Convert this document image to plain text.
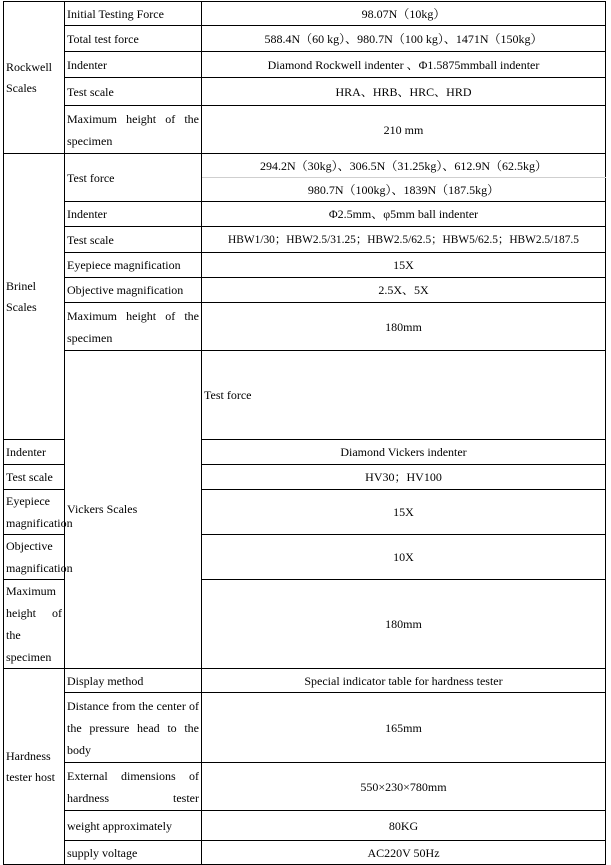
Rockwell Scales	Initial Testing Force	98.07N（10kg）	
	Total test force	588.4N（60 kg）、980.7N（100 kg）、1471N（150kg）	
	Indenter	Diamond Rockwell indenter 、Φ1.5875mmball indenter	
	Test scale	HRA、HRB、HRC、HRD	
	Maximum height of the specimen	210 mm	
Brinel Scales	Test force	294.2N（30kg）、306.5N（31.25kg）、612.9N（62.5kg）	
		980.7N（100kg）、1839N（187.5kg）	
	Indenter	Φ2.5mm、φ5mm ball indenter	
	Test scale	HBW1/30；HBW2.5/31.25；HBW2.5/62.5；HBW5/62.5；HBW2.5/187.5	
	Eyepiece magnification	15X	
	Objective magnification	2.5X、5X	
	Maximum height of the specimen	180mm	
	Vickers Scales	Test force	
Indenter		Diamond Vickers indenter	
Test scale		HV30；HV100	
Eyepiece magnification		15X	
Objective magnification		10X	
Maximum height of the specimen		180mm	
Hardness tester host	Display method	Special indicator table for hardness tester	
	Distance from the center of the pressure head to the body	165mm	
	External dimensions of hardness tester	550×230×780mm	
	weight approximately	80KG	
	supply voltage	AC220V 50Hz	
